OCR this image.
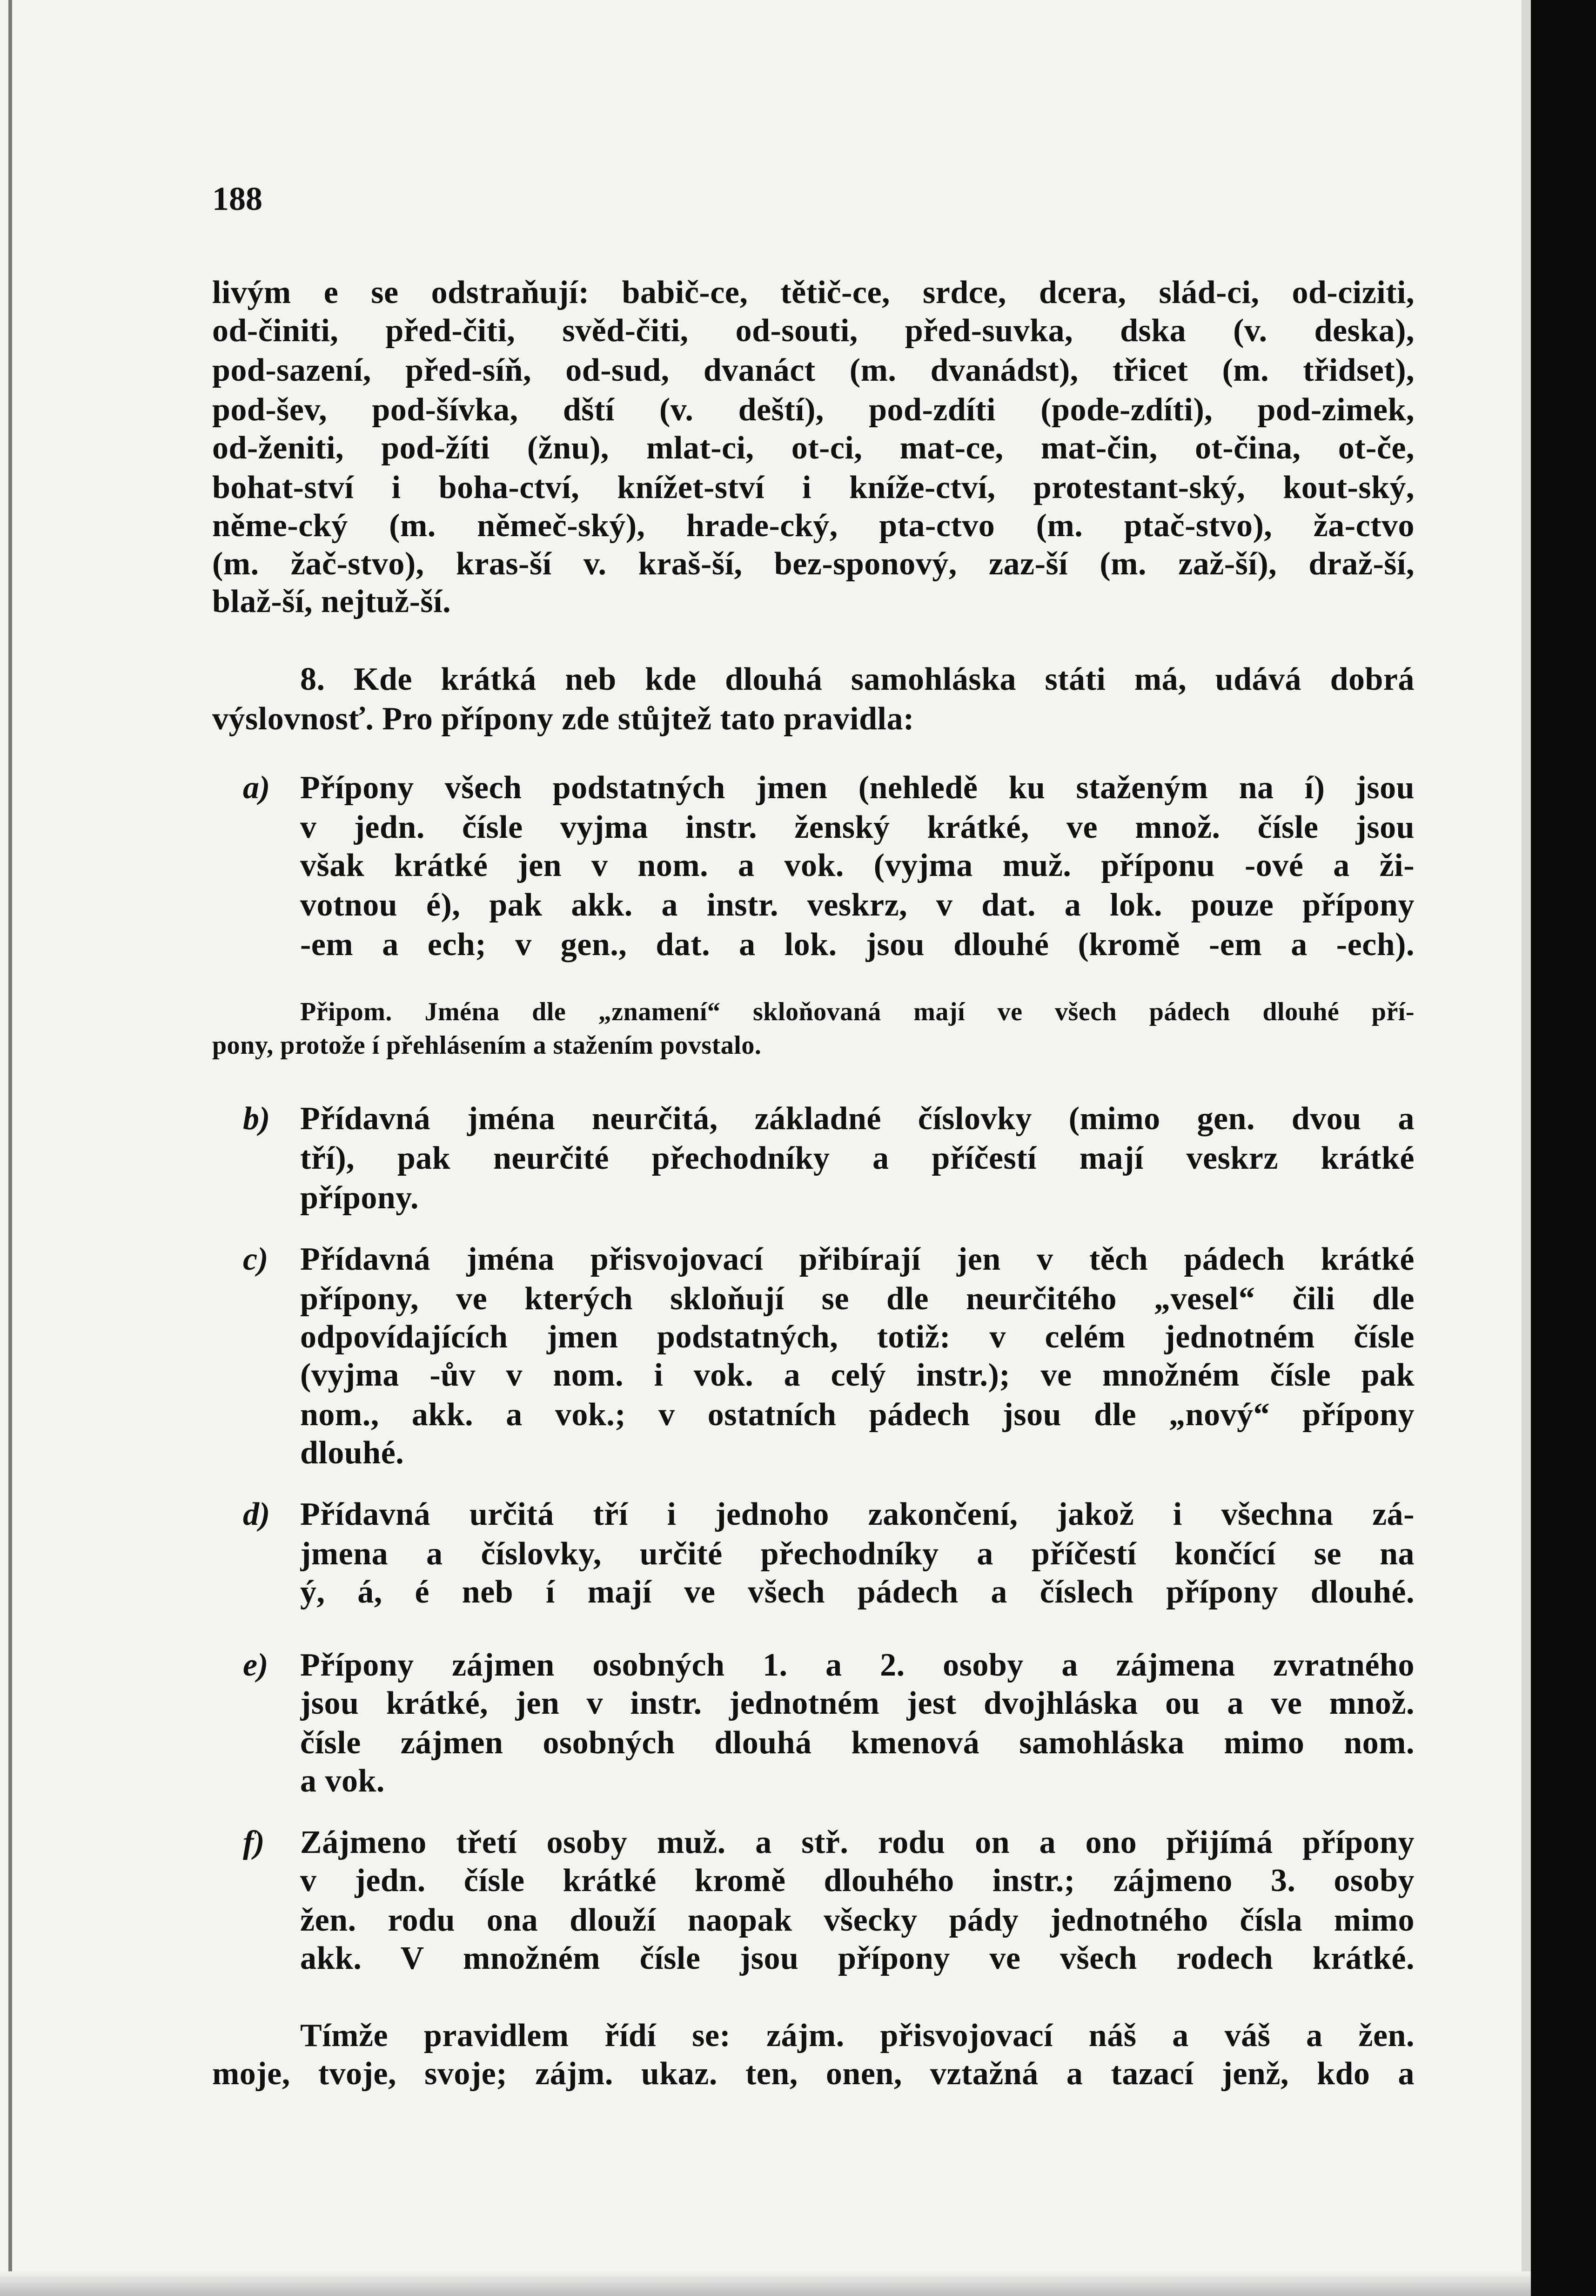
188
livým e se odstraňují: babič-ce, tětič-ce, srdce, dcera, slád-ci, od-ciziti,
od-činiti, před-čiti, svěd-čiti, od-souti, před-suvka, dska (v. deska),
pod-sazení, před-síň, od-sud, dvanáct (m. dvanádst), třicet (m. třidset),
pod-šev, pod-šívka, dští (v. deští), pod-zdíti (pode-zdíti), pod-zimek,
od-ženiti, pod-žíti (žnu), mlat-ci, ot-ci, mat-ce, mat-čin, ot-čina, ot-če,
bohat-ství i boha-ctví, knížet-ství i kníže-ctví, protestant-ský, kout-ský,
něme-cký (m. němeč-ský), hrade-cký, pta-ctvo (m. ptač-stvo), ža-ctvo
(m. žač-stvo), kras-ší v. kraš-ší, bez-sponový, zaz-ší (m. zaž-ší), draž-ší,
blaž-ší, nejtuž-ší.
8. Kde krátká neb kde dlouhá samohláska státi má, udává dobrá
výslovnosť. Pro přípony zde stůjtež tato pravidla:
a) Přípony všech podstatných jmen (nehledě ku staženým na í) jsou
v jedn. čísle vyjma instr. ženský krátké, ve množ. čísle jsou
však krátké jen v nom. a vok. (vyjma muž. příponu -ové a ži-
votnou é), pak akk. a instr. veskrz, v dat. a lok. pouze přípony
-em a ech; v gen., dat. a lok. jsou dlouhé (kromě -em a -ech).
b) Přídavná jména neurčitá, základné číslovky (mimo gen. dvou a
tří), pak neurčité přechodníky a příčestí mají veskrz krátké
přípony.
c) Přídavná jména přisvojovací přibírají jen v těch pádech krátké
přípony, ve kterých skloňují se dle neurčitého „vesel“ čili dle
odpovídajících jmen podstatných, totiž: v celém jednotném čísle
(vyjma -ův v nom. i vok. a celý instr.); ve množném čísle pak
nom., akk. a vok.; v ostatních pádech jsou dle „nový“ přípony
dlouhé.
d) Přídavná určitá tří i jednoho zakončení, jakož i všechna zá-
jmena a číslovky, určité přechodníky a příčestí končící se na
ý, á, é neb í mají ve všech pádech a číslech přípony dlouhé.
e) Přípony zájmen osobných 1. a 2. osoby a zájmena zvratného
jsou krátké, jen v instr. jednotném jest dvojhláska ou a ve množ.
čísle zájmen osobných dlouhá kmenová samohláska mimo nom.
a vok.
f) Zájmeno třetí osoby muž. a stř. rodu on a ono přijímá přípony
v jedn. čísle krátké kromě dlouhého instr.; zájmeno 3. osoby
žen. rodu ona dlouží naopak všecky pády jednotného čísla mimo
akk. V množném čísle jsou přípony ve všech rodech krátké.
Připom. Jména dle „znamení“ skloňovaná mají ve všech pádech dlouhé pří-
pony, protože í přehlásením a stažením povstalo.
Tímže pravidlem řídí se: zájm. přisvojovací náš a váš a žen.
moje, tvoje, svoje; zájm. ukaz. ten, onen, vztažná a tazací jenž, kdo a
